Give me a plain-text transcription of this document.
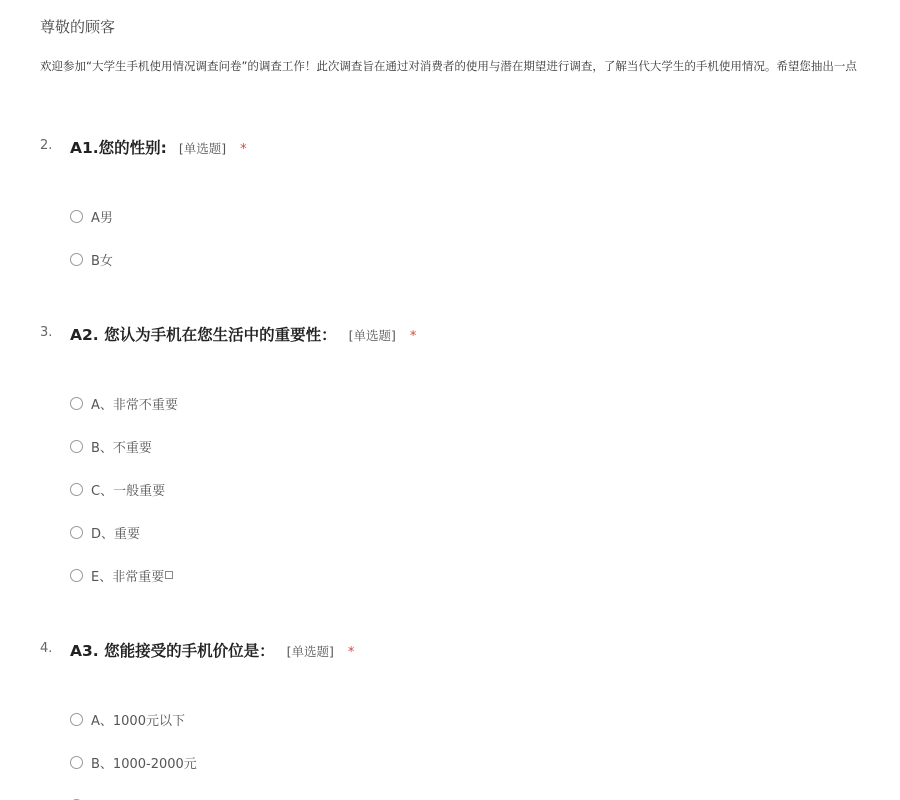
尊敬的顾客
欢迎参加“大学生手机使用情况调查问卷”的调查工作！此次调查旨在通过对消费者的使用与潜在期望进行调查，了解当代大学生的手机使用情况。希望您抽出一点
2. A1.您的性别: [单选题] *
A男
B女
3. A2. 您认为手机在您生活中的重要性： [单选题] *
A、非常不重要
B、不重要
C、一般重要
D、重要
E、非常重要
4. A3. 您能接受的手机价位是： [单选题] *
A、1000元以下
B、1000-2000元
